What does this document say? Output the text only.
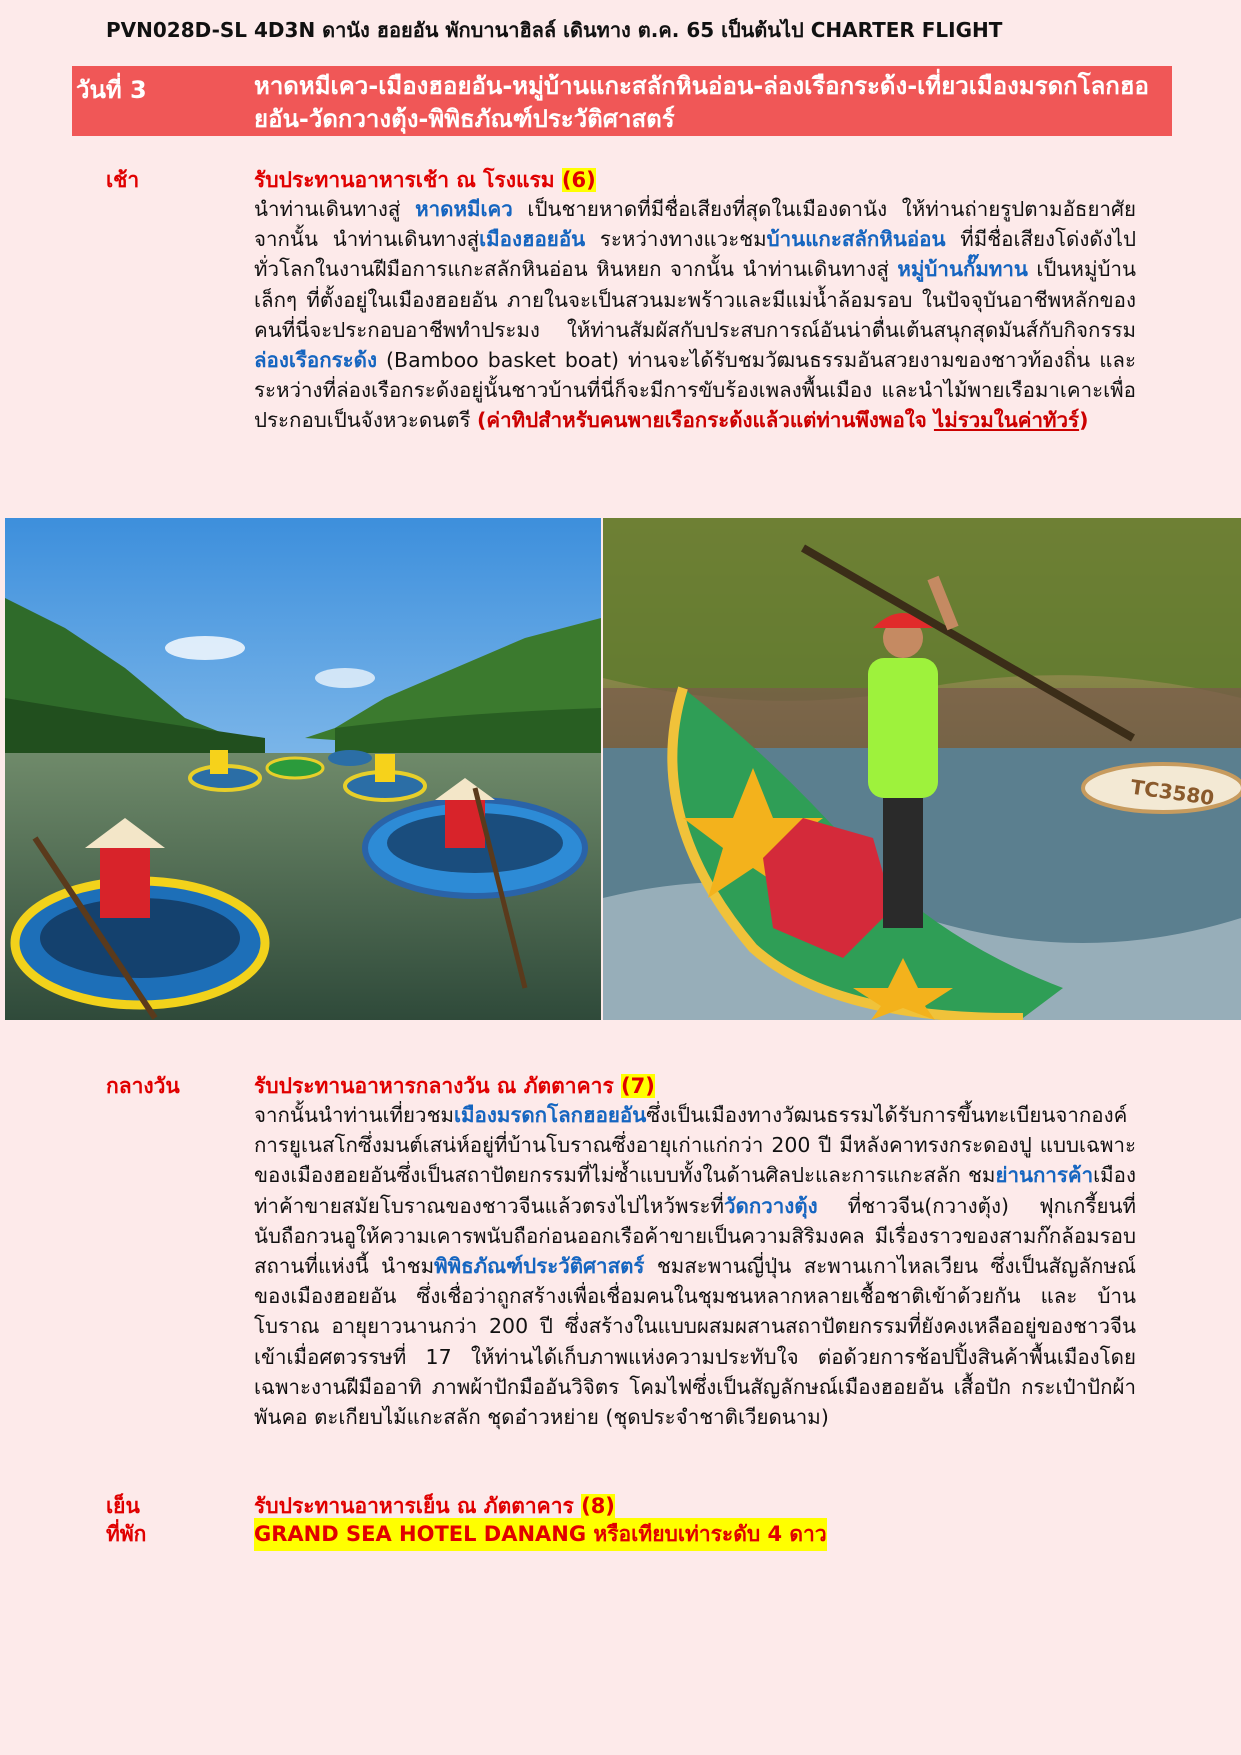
PVN028D-SL 4D3N ดานัง ฮอยอัน พักบานาฮิลล์ เดินทาง ต.ค. 65 เป็นต้นไป CHARTER FLIGHT
วันที่ 3	หาดหมีเคว-เมืองฮอยอัน-หมู่บ้านแกะสลักหินอ่อน-ล่องเรือกระด้ง-เที่ยวเมืองมรดกโลกฮอยอัน-วัดกวางตุ้ง-พิพิธภัณฑ์ประวัติศาสตร์
เช้า	รับประทานอาหารเช้า ณ โรงแรม (6)
นำท่านเดินทางสู่ หาดหมีเคว เป็นชายหาดที่มีชื่อเสียงที่สุดในเมืองดานัง ให้ท่านถ่ายรูปตามอัธยาศัย จากนั้น นำท่านเดินทางสู่เมืองฮอยอัน ระหว่างทางแวะชมบ้านแกะสลักหินอ่อน ที่มีชื่อเสียงโด่งดังไปทั่วโลกในงานฝีมือการแกะสลักหินอ่อน หินหยก จากนั้น นำท่านเดินทางสู่ หมู่บ้านกั๊มทาน เป็นหมู่บ้านเล็กๆ ที่ตั้งอยู่ในเมืองฮอยอัน ภายในจะเป็นสวนมะพร้าวและมีแม่น้ำล้อมรอบ ในปัจจุบันอาชีพหลักของคนที่นี่จะประกอบอาชีพทำประมง ให้ท่านสัมผัสกับประสบการณ์อันน่าตื่นเต้นสนุกสุดมันส์กับกิจกรรม ล่องเรือกระด้ง (Bamboo basket boat) ท่านจะได้รับชมวัฒนธรรมอันสวยงามของชาวท้องถิ่น และระหว่างที่ล่องเรือกระด้งอยู่นั้นชาวบ้านที่นี่ก็จะมีการขับร้องเพลงพื้นเมือง และนำไม้พายเรือมาเคาะเพื่อประกอบเป็นจังหวะดนตรี (ค่าทิปสำหรับคนพายเรือกระด้งแล้วแต่ท่านพึงพอใจ ไม่รวมในค่าทัวร์)
TC3580
กลางวัน	รับประทานอาหารกลางวัน ณ ภัตตาคาร (7)
จากนั้นนำท่านเที่ยวชมเมืองมรดกโลกฮอยอันซึ่งเป็นเมืองทางวัฒนธรรมได้รับการขึ้นทะเบียนจากองค์การยูเนสโกซึ่งมนต์เสน่ห์อยู่ที่บ้านโบราณซึ่งอายุเก่าแก่กว่า 200 ปี มีหลังคาทรงกระดองปู แบบเฉพาะของเมืองฮอยอันซึ่งเป็นสถาปัตยกรรมที่ไม่ซ้ำแบบทั้งในด้านศิลปะและการแกะสลัก ชมย่านการค้าเมืองท่าค้าขายสมัยโบราณของชาวจีนแล้วตรงไปไหว้พระที่วัดกวางตุ้ง ที่ชาวจีน(กวางตุ้ง) ฟุกเกรี้ยนที่นับถือกวนอูให้ความเคารพนับถือก่อนออกเรือค้าขายเป็นความสิริมงคล มีเรื่องราวของสามก๊กล้อมรอบสถานที่แห่งนี้ นำชมพิพิธภัณฑ์ประวัติศาสตร์ ชมสะพานญี่ปุ่น สะพานเกาไหลเวียน ซึ่งเป็นสัญลักษณ์ของเมืองฮอยอัน ซึ่งเชื่อว่าถูกสร้างเพื่อเชื่อมคนในชุมชนหลากหลายเชื้อชาติเข้าด้วยกัน และ บ้านโบราณ อายุยาวนานกว่า 200 ปี ซึ่งสร้างในแบบผสมผสานสถาปัตยกรรมที่ยังคงเหลืออยู่ของชาวจีนเข้าเมื่อศตวรรษที่ 17 ให้ท่านได้เก็บภาพแห่งความประทับใจ ต่อด้วยการช้อปปิ้งสินค้าพื้นเมืองโดยเฉพาะงานฝีมืออาทิ ภาพผ้าปักมืออันวิจิตร โคมไฟซึ่งเป็นสัญลักษณ์เมืองฮอยอัน เสื้อปัก กระเป๋าปักผ้าพันคอ ตะเกียบไม้แกะสลัก ชุดอ๋าวหย่าย (ชุดประจำชาติเวียดนาม)
เย็น	รับประทานอาหารเย็น ณ ภัตตาคาร (8)
ที่พัก	GRAND SEA HOTEL DANANG หรือเทียบเท่าระดับ 4 ดาว
